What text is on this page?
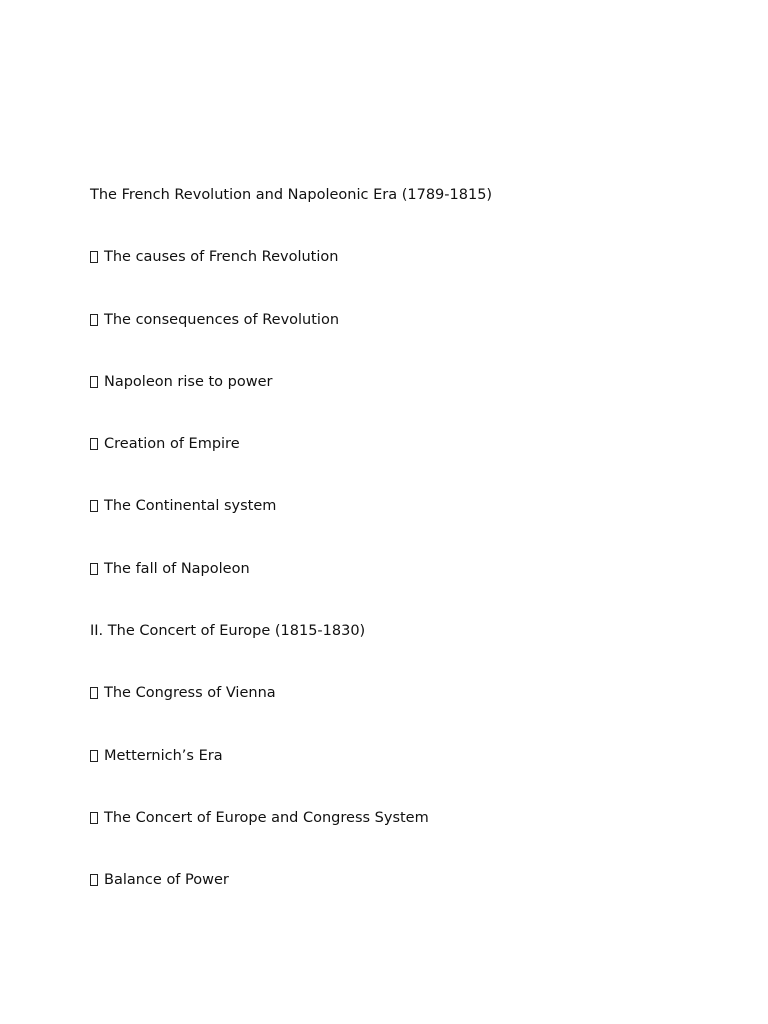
The French Revolution and Napoleonic Era (1789-1815)
The causes of French Revolution
The consequences of Revolution
Napoleon rise to power
Creation of Empire
The Continental system
The fall of Napoleon
II. The Concert of Europe (1815-1830)
The Congress of Vienna
Metternich’s Era
The Concert of Europe and Congress System
Balance of Power
